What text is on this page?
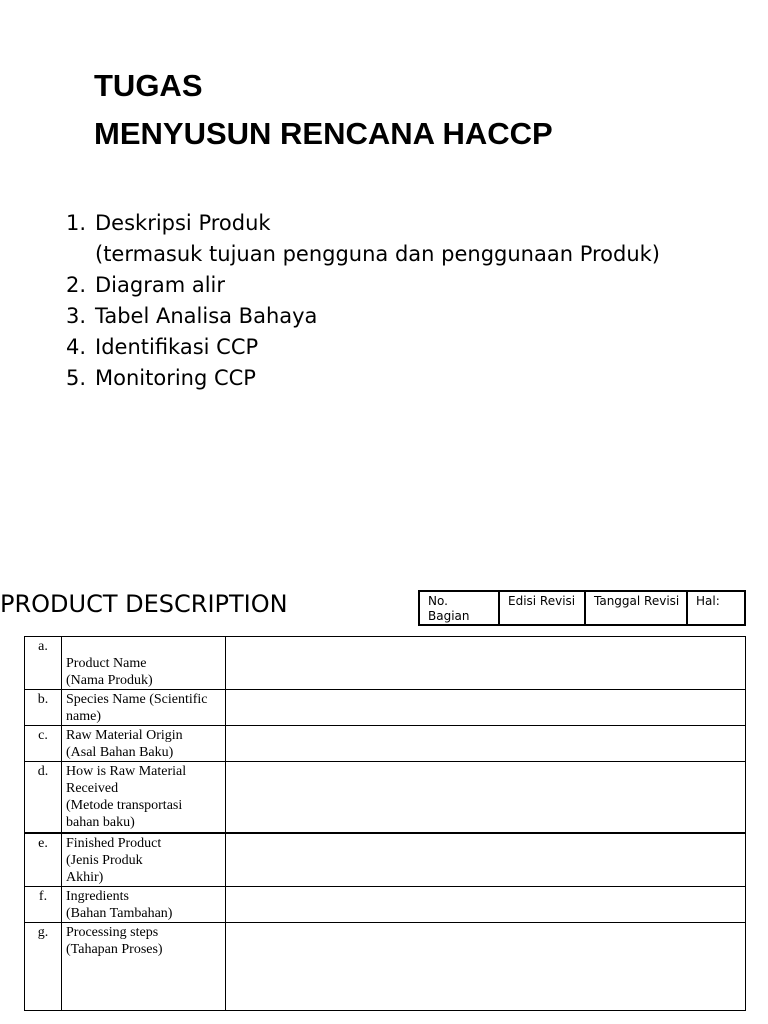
TUGAS
MENYUSUN RENCANA HACCP
1. Deskripsi Produk
(termasuk tujuan pengguna dan penggunaan Produk)
2. Diagram alir
3. Tabel Analisa Bahaya
4. Identifikasi CCP
5. Monitoring CCP
PRODUCT DESCRIPTION	No. Bagian	Edisi Revisi	Tanggal Revisi	Hal:
a.	Product Name
(Nama Produk)	

b.	Species Name (Scientific
name)	

c.	Raw Material Origin
(Asal Bahan Baku)	

d.	How is Raw Material
Received
(Metode transportasi
bahan baku)	

e.	Finished Product
(Jenis Produk
Akhir)	

f.	Ingredients
(Bahan Tambahan)	

g.	Processing steps
(Tahapan Proses)	
